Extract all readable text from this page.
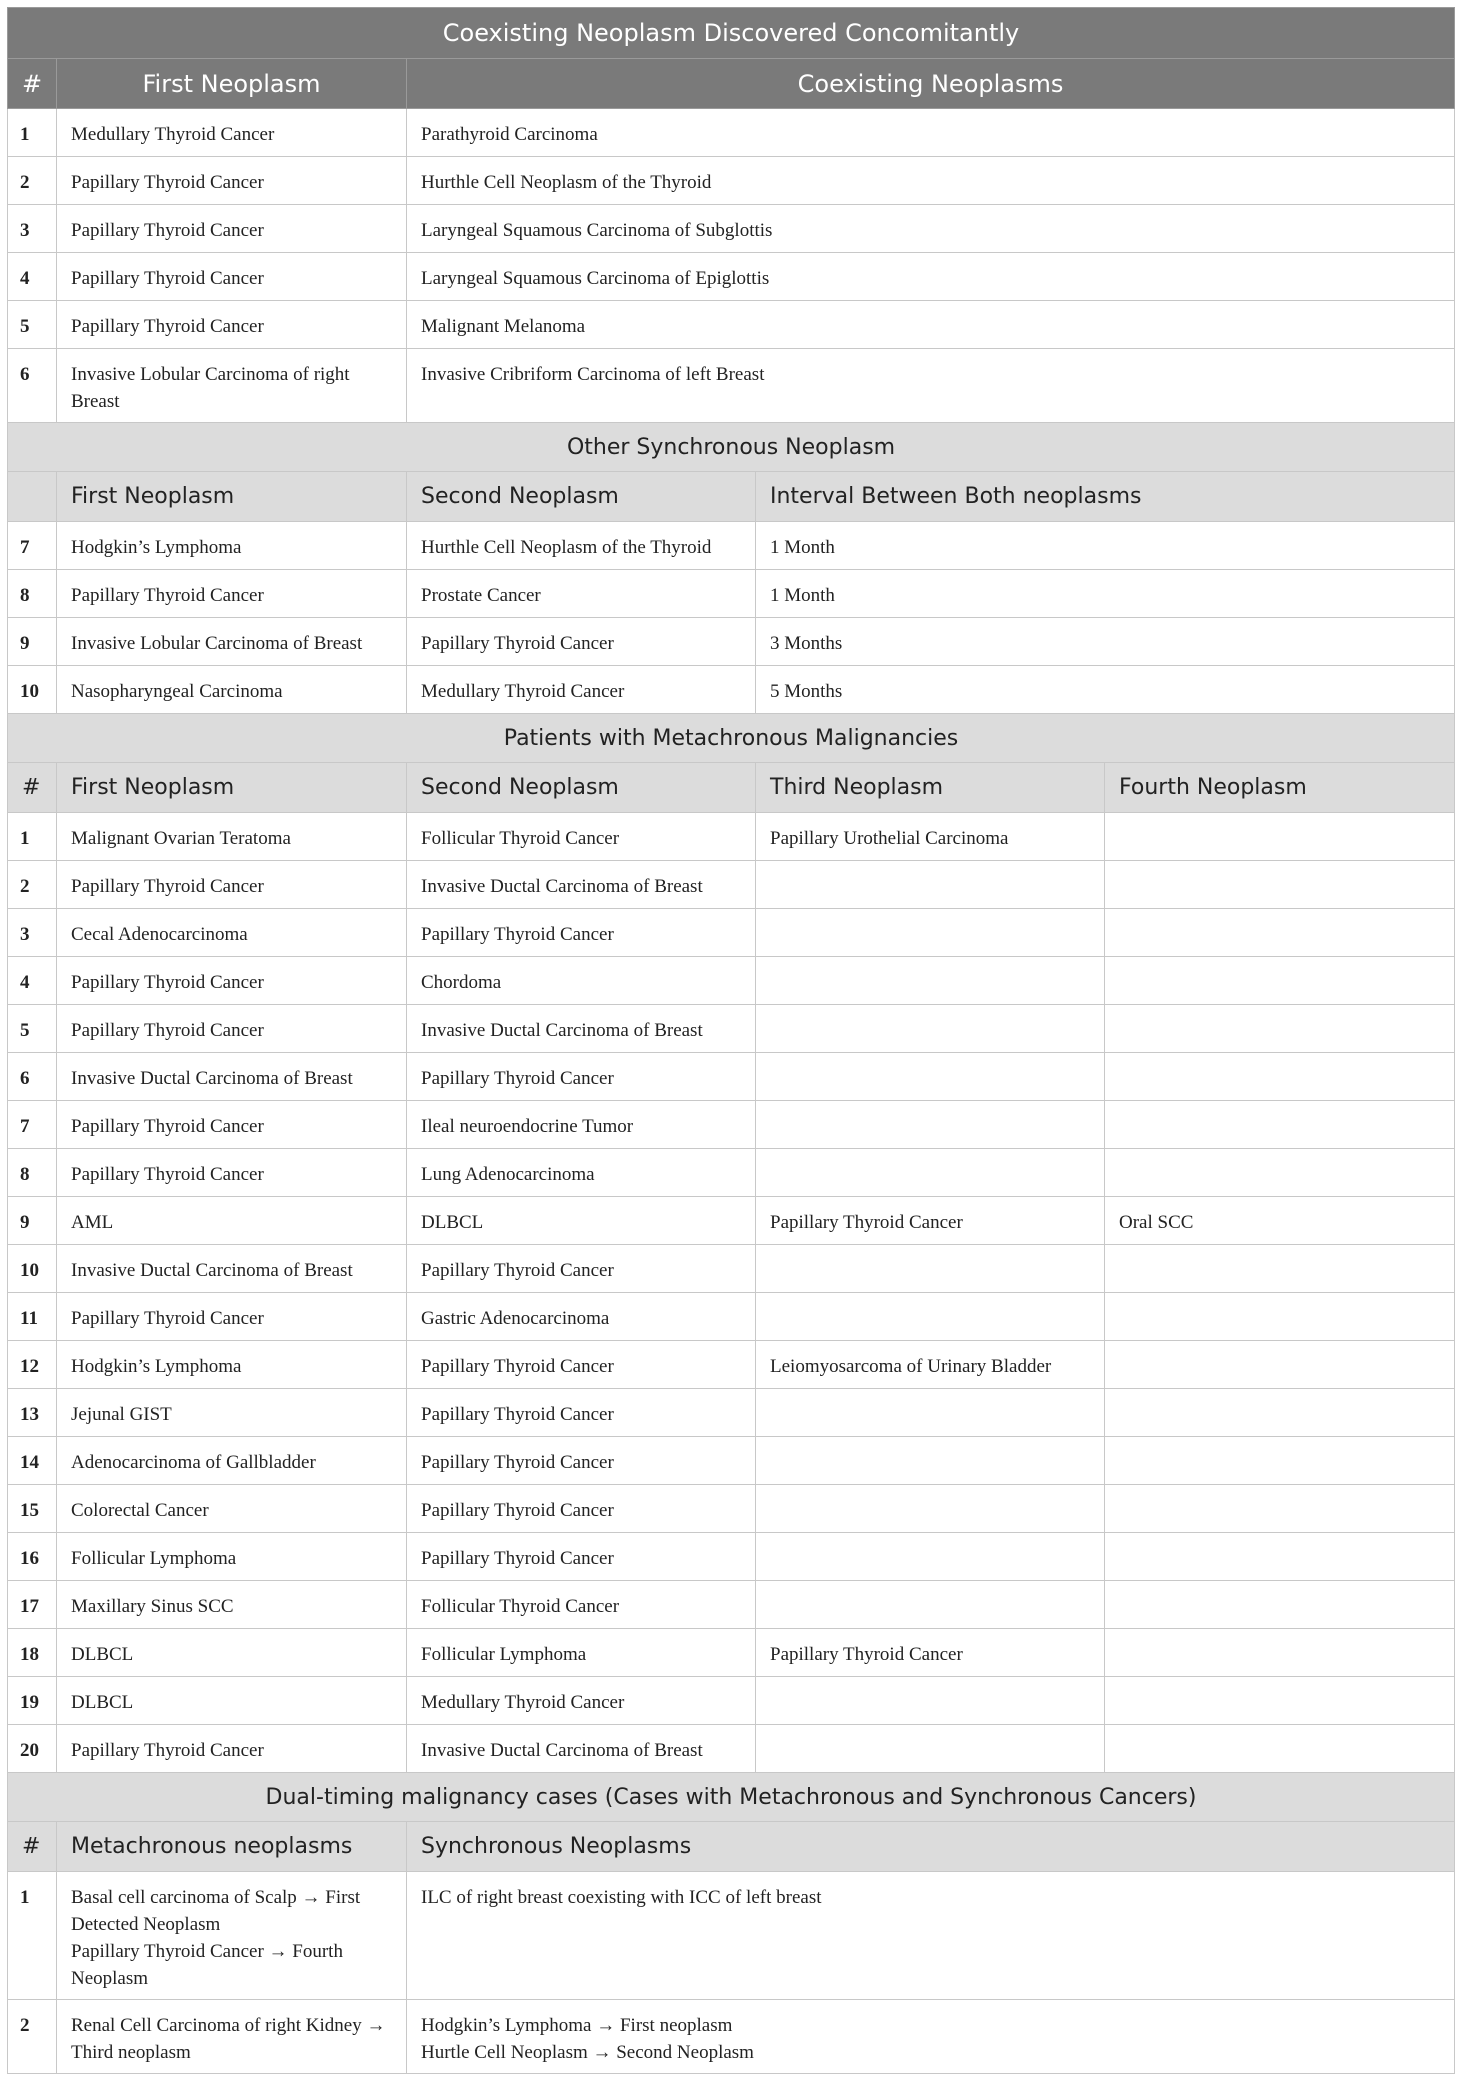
Coexisting Neoplasm Discovered Concomitantly				
#	First Neoplasm	Coexisting Neoplasms		
1	Medullary Thyroid Cancer	Parathyroid Carcinoma		
2	Papillary Thyroid Cancer	Hurthle Cell Neoplasm of the Thyroid		
3	Papillary Thyroid Cancer	Laryngeal Squamous Carcinoma of Subglottis		
4	Papillary Thyroid Cancer	Laryngeal Squamous Carcinoma of Epiglottis		
5	Papillary Thyroid Cancer	Malignant Melanoma		
6	Invasive Lobular Carcinoma of right Breast	Invasive Cribriform Carcinoma of left Breast		
Other Synchronous Neoplasm				
	First Neoplasm	Second Neoplasm	Interval Between Both neoplasms	
7	Hodgkin’s Lymphoma	Hurthle Cell Neoplasm of the Thyroid	1 Month	
8	Papillary Thyroid Cancer	Prostate Cancer	1 Month	
9	Invasive Lobular Carcinoma of Breast	Papillary Thyroid Cancer	3 Months	
10	Nasopharyngeal Carcinoma	Medullary Thyroid Cancer	5 Months	
Patients with Metachronous Malignancies				
#	First Neoplasm	Second Neoplasm	Third Neoplasm	Fourth Neoplasm
1	Malignant Ovarian Teratoma	Follicular Thyroid Cancer	Papillary Urothelial Carcinoma	
2	Papillary Thyroid Cancer	Invasive Ductal Carcinoma of Breast		
3	Cecal Adenocarcinoma	Papillary Thyroid Cancer		
4	Papillary Thyroid Cancer	Chordoma		
5	Papillary Thyroid Cancer	Invasive Ductal Carcinoma of Breast		
6	Invasive Ductal Carcinoma of Breast	Papillary Thyroid Cancer		
7	Papillary Thyroid Cancer	Ileal neuroendocrine Tumor		
8	Papillary Thyroid Cancer	Lung Adenocarcinoma		
9	AML	DLBCL	Papillary Thyroid Cancer	Oral SCC
10	Invasive Ductal Carcinoma of Breast	Papillary Thyroid Cancer		
11	Papillary Thyroid Cancer	Gastric Adenocarcinoma		
12	Hodgkin’s Lymphoma	Papillary Thyroid Cancer	Leiomyosarcoma of Urinary Bladder	
13	Jejunal GIST	Papillary Thyroid Cancer		
14	Adenocarcinoma of Gallbladder	Papillary Thyroid Cancer		
15	Colorectal Cancer	Papillary Thyroid Cancer		
16	Follicular Lymphoma	Papillary Thyroid Cancer		
17	Maxillary Sinus SCC	Follicular Thyroid Cancer		
18	DLBCL	Follicular Lymphoma	Papillary Thyroid Cancer	
19	DLBCL	Medullary Thyroid Cancer		
20	Papillary Thyroid Cancer	Invasive Ductal Carcinoma of Breast		
Dual-timing malignancy cases (Cases with Metachronous and Synchronous Cancers)				
#	Metachronous neoplasms	Synchronous Neoplasms		
1	Basal cell carcinoma of Scalp → First Detected Neoplasm
Papillary Thyroid Cancer → Fourth Neoplasm	ILC of right breast coexisting with ICC of left breast		

2	Renal Cell Carcinoma of right Kidney → Third neoplasm	Hodgkin’s Lymphoma → First neoplasm
Hurtle Cell Neoplasm → Second Neoplasm		
